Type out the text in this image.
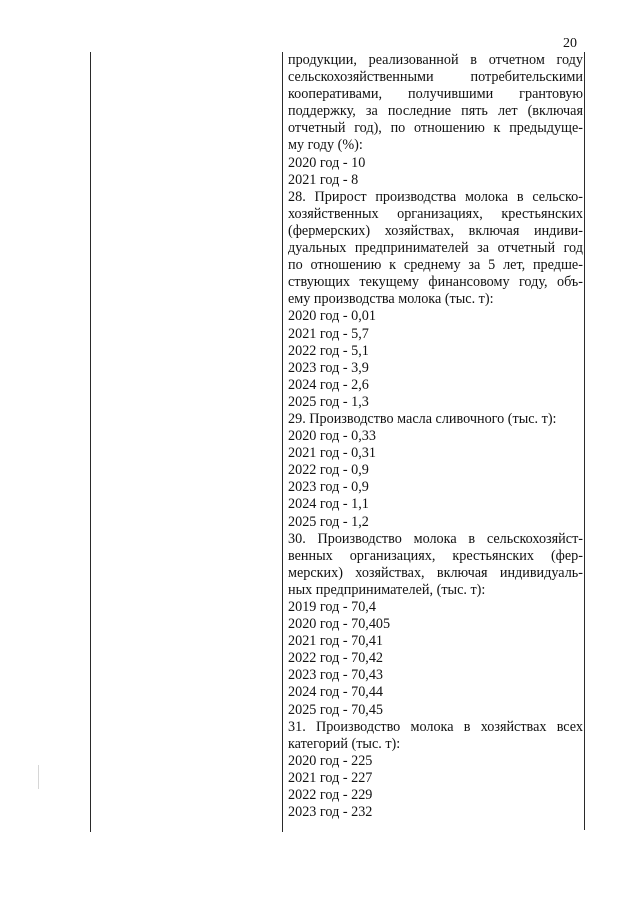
20
продукции, реализованной в отчетном году
сельскохозяйственными	потребительскими
кооперативами, получившими грантовую
поддержку, за последние пять лет (включая
отчетный год), по отношению к предыдуще-
му году (%):
2020 год - 10
2021 год - 8
28. Прирост производства молока в сельско-
хозяйственных организациях, крестьянских
(фермерских) хозяйствах, включая индиви-
дуальных предпринимателей за отчетный год
по отношению к среднему за 5 лет, предше-
ствующих текущему финансовому году, объ-
ему производства молока (тыс. т):
2020 год - 0,01
2021 год - 5,7
2022 год - 5,1
2023 год - 3,9
2024 год - 2,6
2025 год - 1,3
29. Производство масла сливочного (тыс. т):
2020 год - 0,33
2021 год - 0,31
2022 год - 0,9
2023 год - 0,9
2024 год - 1,1
2025 год - 1,2
30. Производство молока в сельскохозяйст-
венных организациях, крестьянских (фер-
мерских) хозяйствах, включая индивидуаль-
ных предпринимателей, (тыс. т):
2019 год - 70,4
2020 год - 70,405
2021 год - 70,41
2022 год - 70,42
2023 год - 70,43
2024 год - 70,44
2025 год - 70,45
31. Производство молока в хозяйствах всех
категорий (тыс. т):
2020 год - 225
2021 год - 227
2022 год - 229
2023 год - 232
